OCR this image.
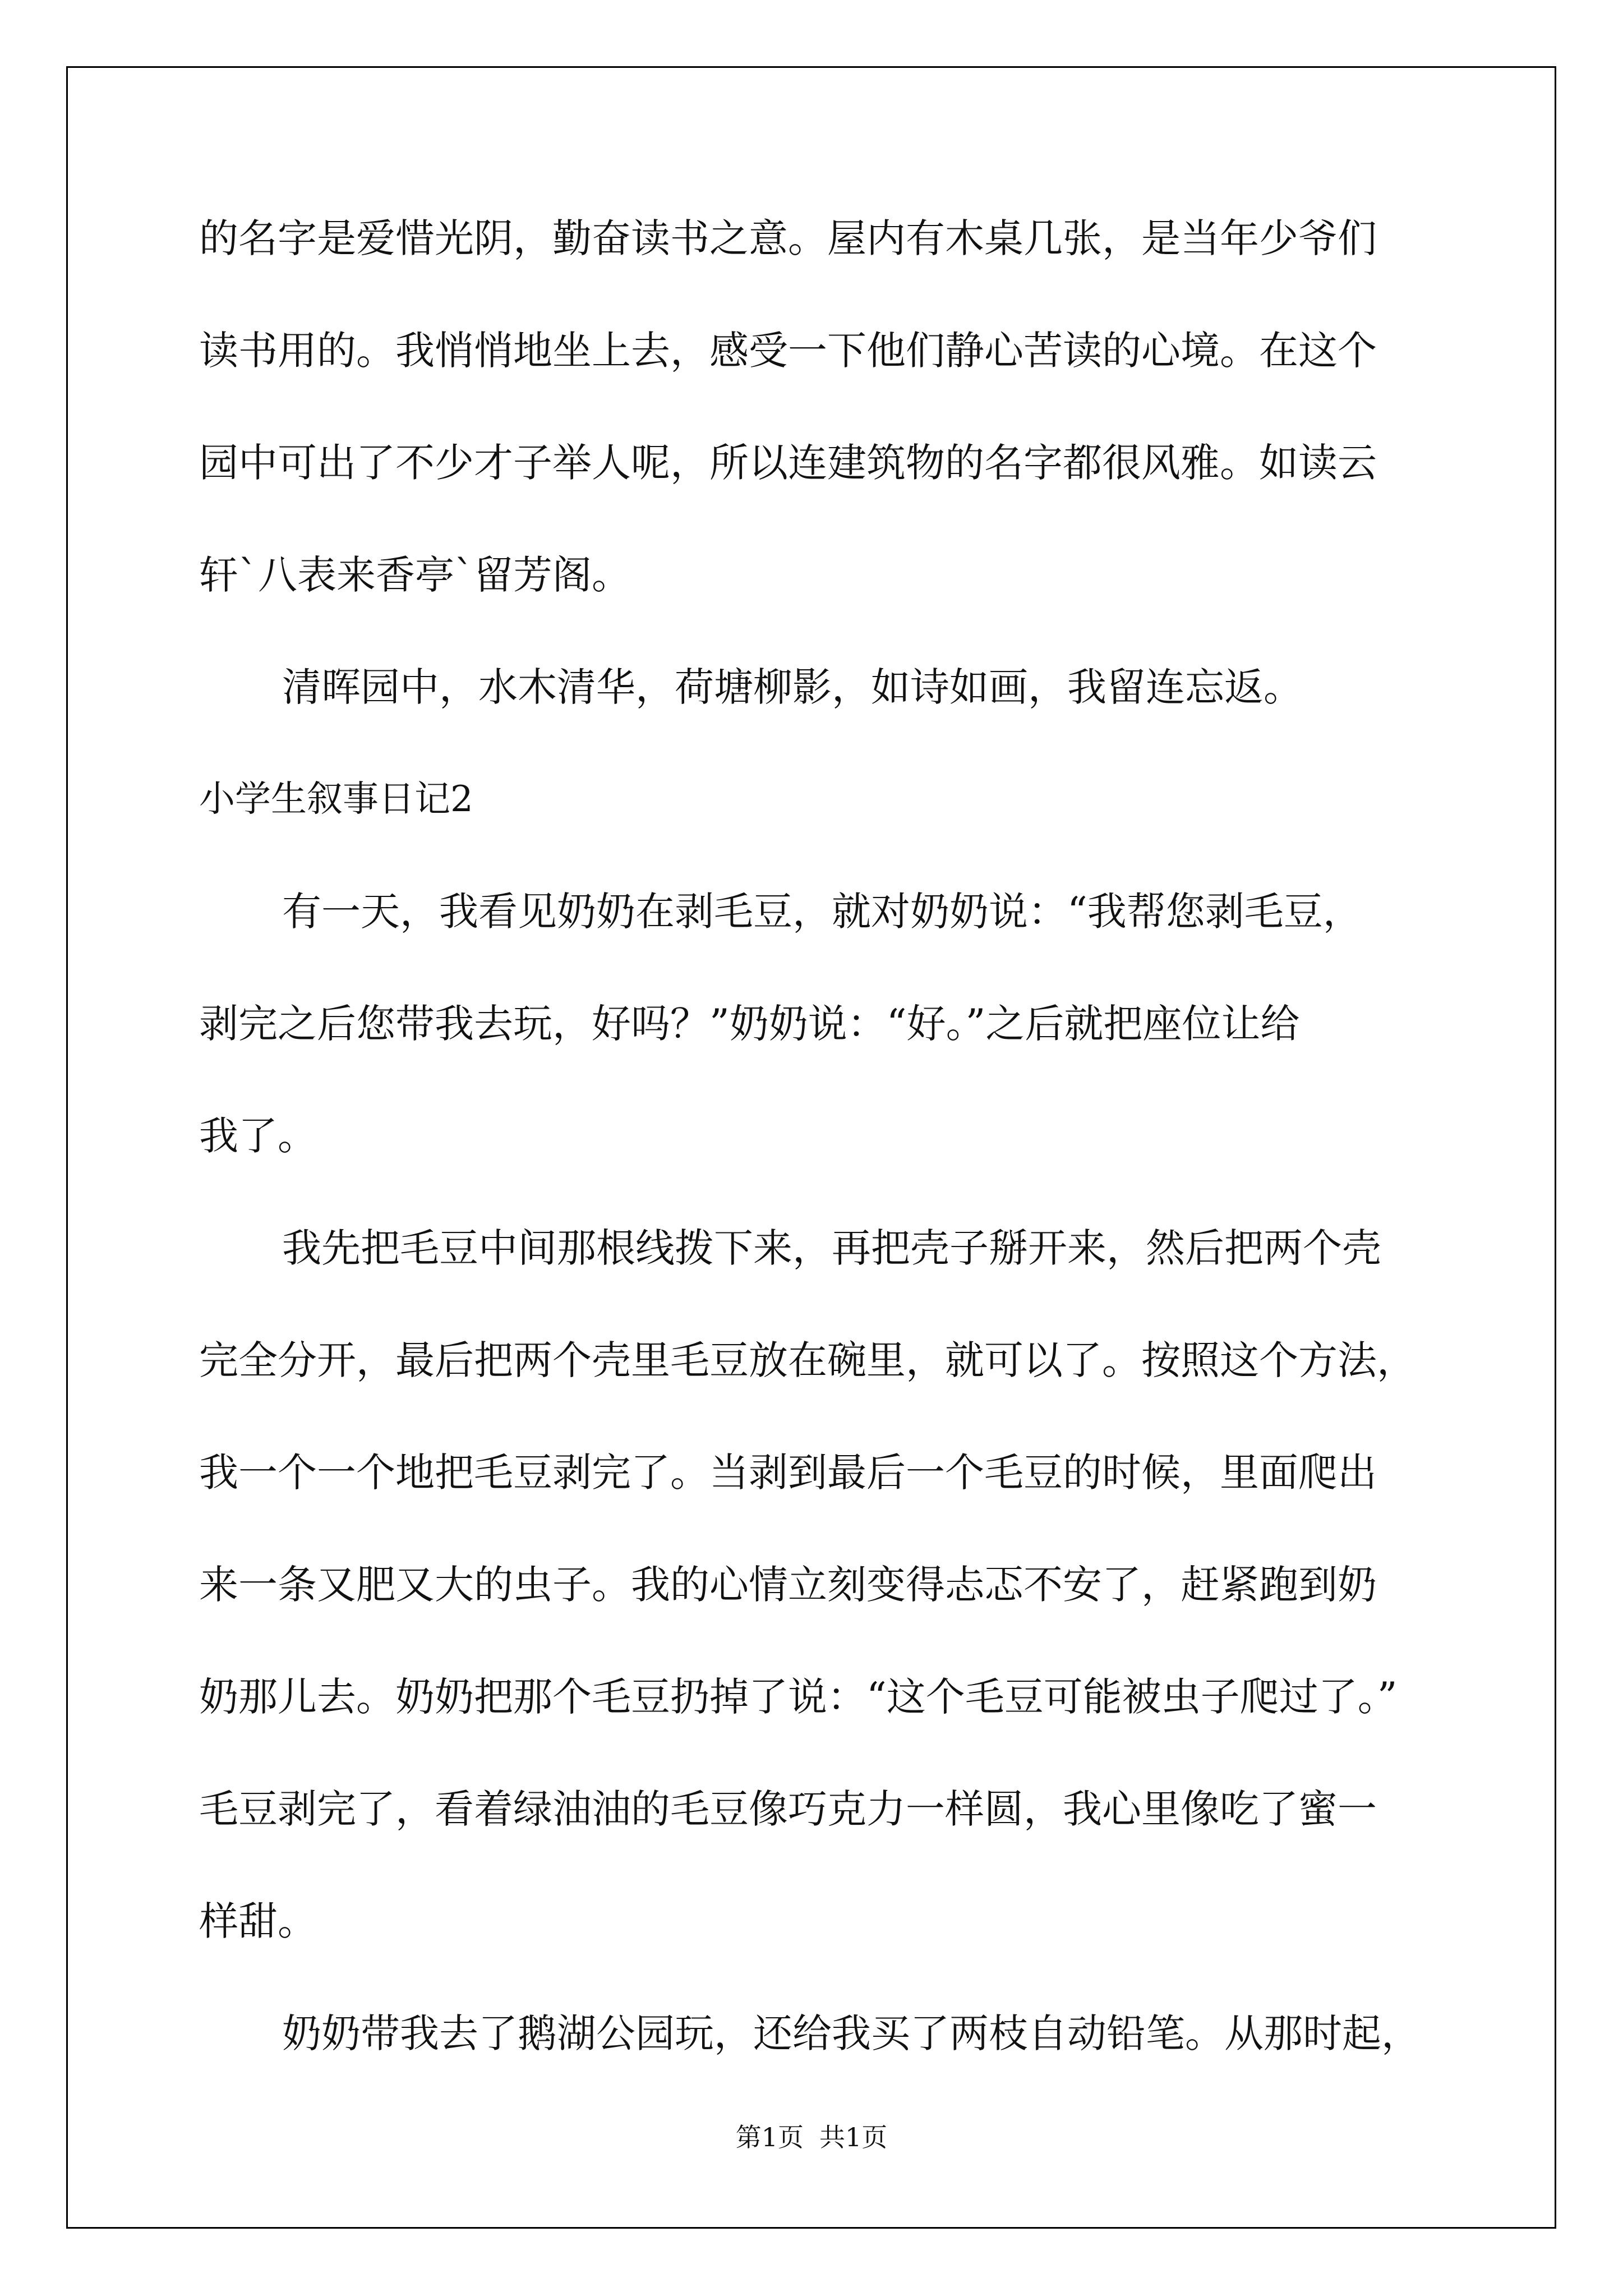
的名字是爱惜光阴，勤奋读书之意。屋内有木桌几张，是当年少爷们
读书用的。我悄悄地坐上去，感受一下他们静心苦读的心境。在这个
园中可出了不少才子举人呢，所以连建筑物的名字都很风雅。如读云
轩`八表来香亭`留芳阁。
清晖园中，水木清华，荷塘柳影，如诗如画，我留连忘返。
小学生叙事日记2
有一天，我看见奶奶在剥毛豆，就对奶奶说：“我帮您剥毛豆，
剥完之后您带我去玩，好吗？”奶奶说：“好。”之后就把座位让给
我了。
我先把毛豆中间那根线拨下来，再把壳子掰开来，然后把两个壳
完全分开，最后把两个壳里毛豆放在碗里，就可以了。按照这个方法，
我一个一个地把毛豆剥完了。当剥到最后一个毛豆的时候，里面爬出
来一条又肥又大的虫子。我的心情立刻变得忐忑不安了，赶紧跑到奶
奶那儿去。奶奶把那个毛豆扔掉了说：“这个毛豆可能被虫子爬过了。”
毛豆剥完了，看着绿油油的毛豆像巧克力一样圆，我心里像吃了蜜一
样甜。
奶奶带我去了鹅湖公园玩，还给我买了两枝自动铅笔。从那时起，
第1页 共1页
